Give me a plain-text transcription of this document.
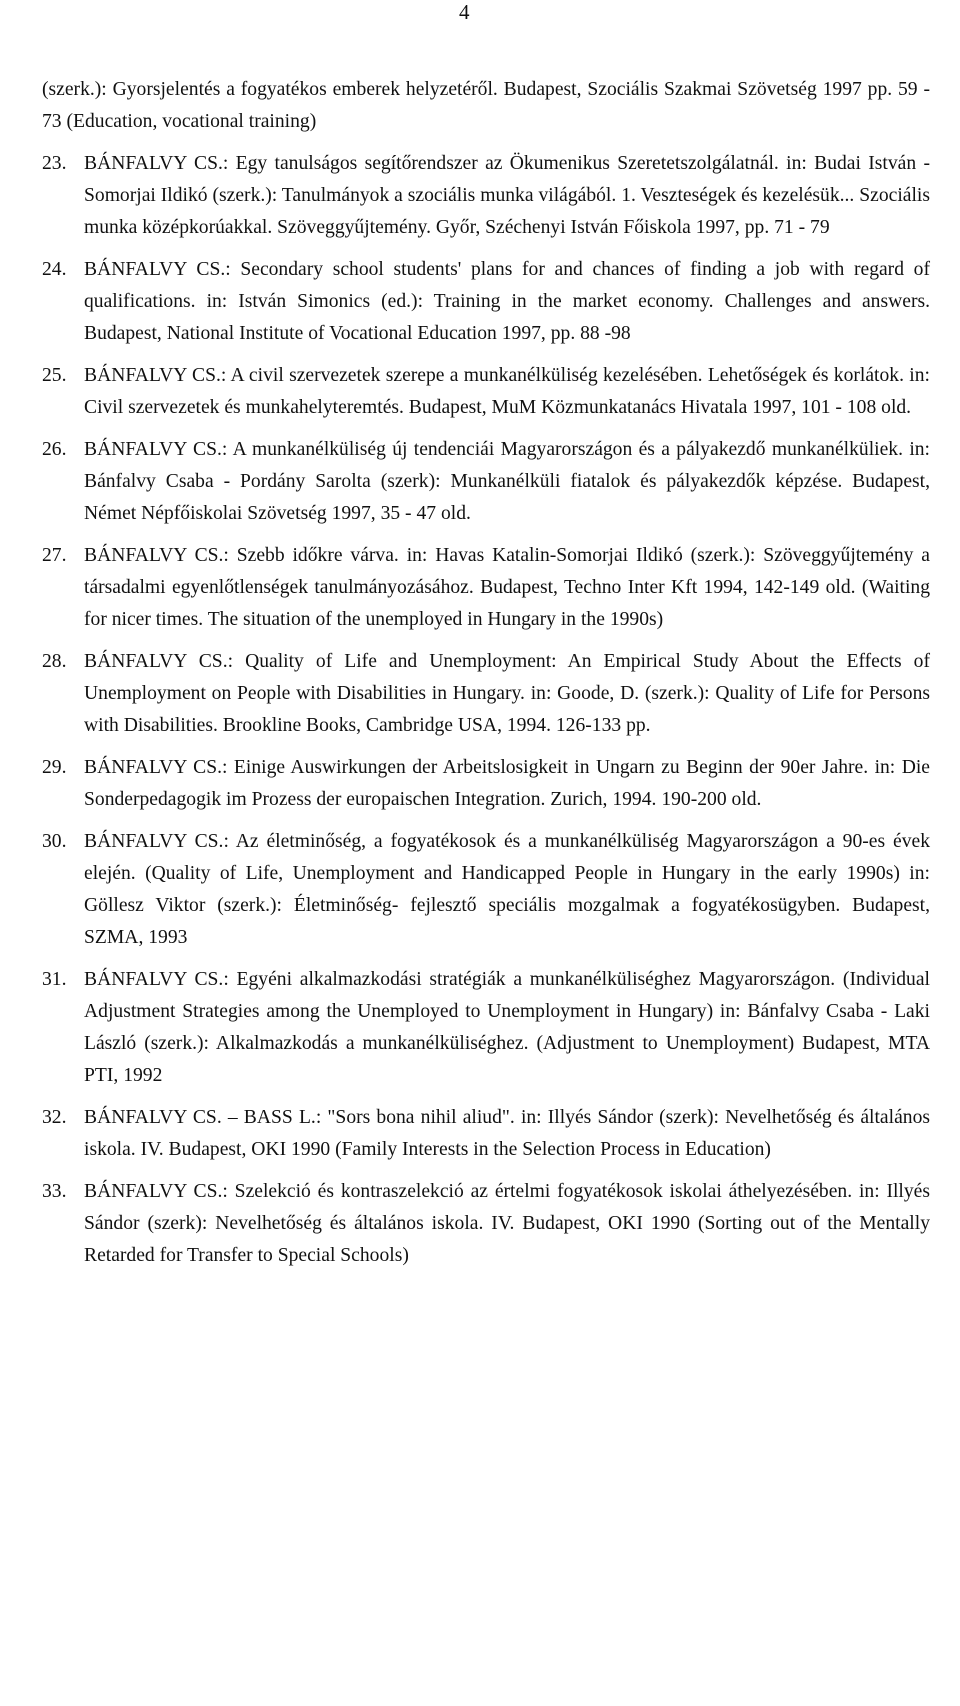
4

(szerk.): Gyorsjelentés a fogyatékos emberek helyzetéről. Budapest, Szociális Szakmai Szövetség 1997 pp. 59 - 73 (Education, vocational training)

23. BÁNFALVY CS.: Egy tanulságos segítőrendszer az Ökumenikus Szeretetszolgálatnál. in: Budai István - Somorjai Ildikó (szerk.): Tanulmányok a szociális munka világából. 1. Veszteségek és kezelésük... Szociális munka középkorúakkal. Szöveggyűjtemény. Győr, Széchenyi István Főiskola 1997, pp. 71 - 79
24. BÁNFALVY CS.: Secondary school students' plans for and chances of finding a job with regard of qualifications. in: István Simonics (ed.): Training in the market economy. Challenges and answers. Budapest, National Institute of Vocational Education 1997, pp. 88 -98
25. BÁNFALVY CS.: A civil szervezetek szerepe a munkanélküliség kezelésében. Lehetőségek és korlátok. in: Civil szervezetek és munkahelyteremtés. Budapest, MuM Közmunkatanács Hivatala 1997, 101 - 108 old.
26. BÁNFALVY CS.: A munkanélküliség új tendenciái Magyarországon és a pályakezdő munkanélküliek. in: Bánfalvy Csaba - Pordány Sarolta (szerk): Munkanélküli fiatalok és pályakezdők képzése. Budapest, Német Népfőiskolai Szövetség 1997, 35 - 47 old.
27. BÁNFALVY CS.: Szebb időkre várva. in: Havas Katalin-Somorjai Ildikó (szerk.): Szöveggyűjtemény a társadalmi egyenlőtlenségek tanulmányozásához. Budapest, Techno Inter Kft 1994, 142-149 old. (Waiting for nicer times. The situation of the unemployed in Hungary in the 1990s)
28. BÁNFALVY CS.: Quality of Life and Unemployment: An Empirical Study About the Effects of Unemployment on People with Disabilities in Hungary. in: Goode, D. (szerk.): Quality of Life for Persons with Disabilities. Brookline Books, Cambridge USA, 1994. 126-133 pp.
29. BÁNFALVY CS.: Einige Auswirkungen der Arbeitslosigkeit in Ungarn zu Beginn der 90er Jahre. in: Die Sonderpedagogik im Prozess der europaischen Integration. Zurich, 1994. 190-200 old.
30. BÁNFALVY CS.: Az életminőség, a fogyatékosok és a munkanélküliség Magyarországon a 90-es évek elején. (Quality of Life, Unemployment and Handicapped People in Hungary in the early 1990s) in: Göllesz Viktor (szerk.): Életminőség- fejlesztő speciális mozgalmak a fogyatékosügyben. Budapest, SZMA, 1993
31. BÁNFALVY CS.: Egyéni alkalmazkodási stratégiák a munkanélküliséghez Magyarországon. (Individual Adjustment Strategies among the Unemployed to Unemployment in Hungary) in: Bánfalvy Csaba - Laki László (szerk.): Alkalmazkodás a munkanélküliséghez. (Adjustment to Unemployment) Budapest, MTA PTI, 1992
32. BÁNFALVY CS. – BASS L.: "Sors bona nihil aliud". in: Illyés Sándor (szerk): Nevelhetőség és általános iskola. IV. Budapest, OKI 1990 (Family Interests in the Selection Process in Education)
33. BÁNFALVY CS.: Szelekció és kontraszelekció az értelmi fogyatékosok iskolai áthelyezésében. in: Illyés Sándor (szerk): Nevelhetőség és általános iskola. IV. Budapest, OKI 1990 (Sorting out of the Mentally Retarded for Transfer to Special Schools)
